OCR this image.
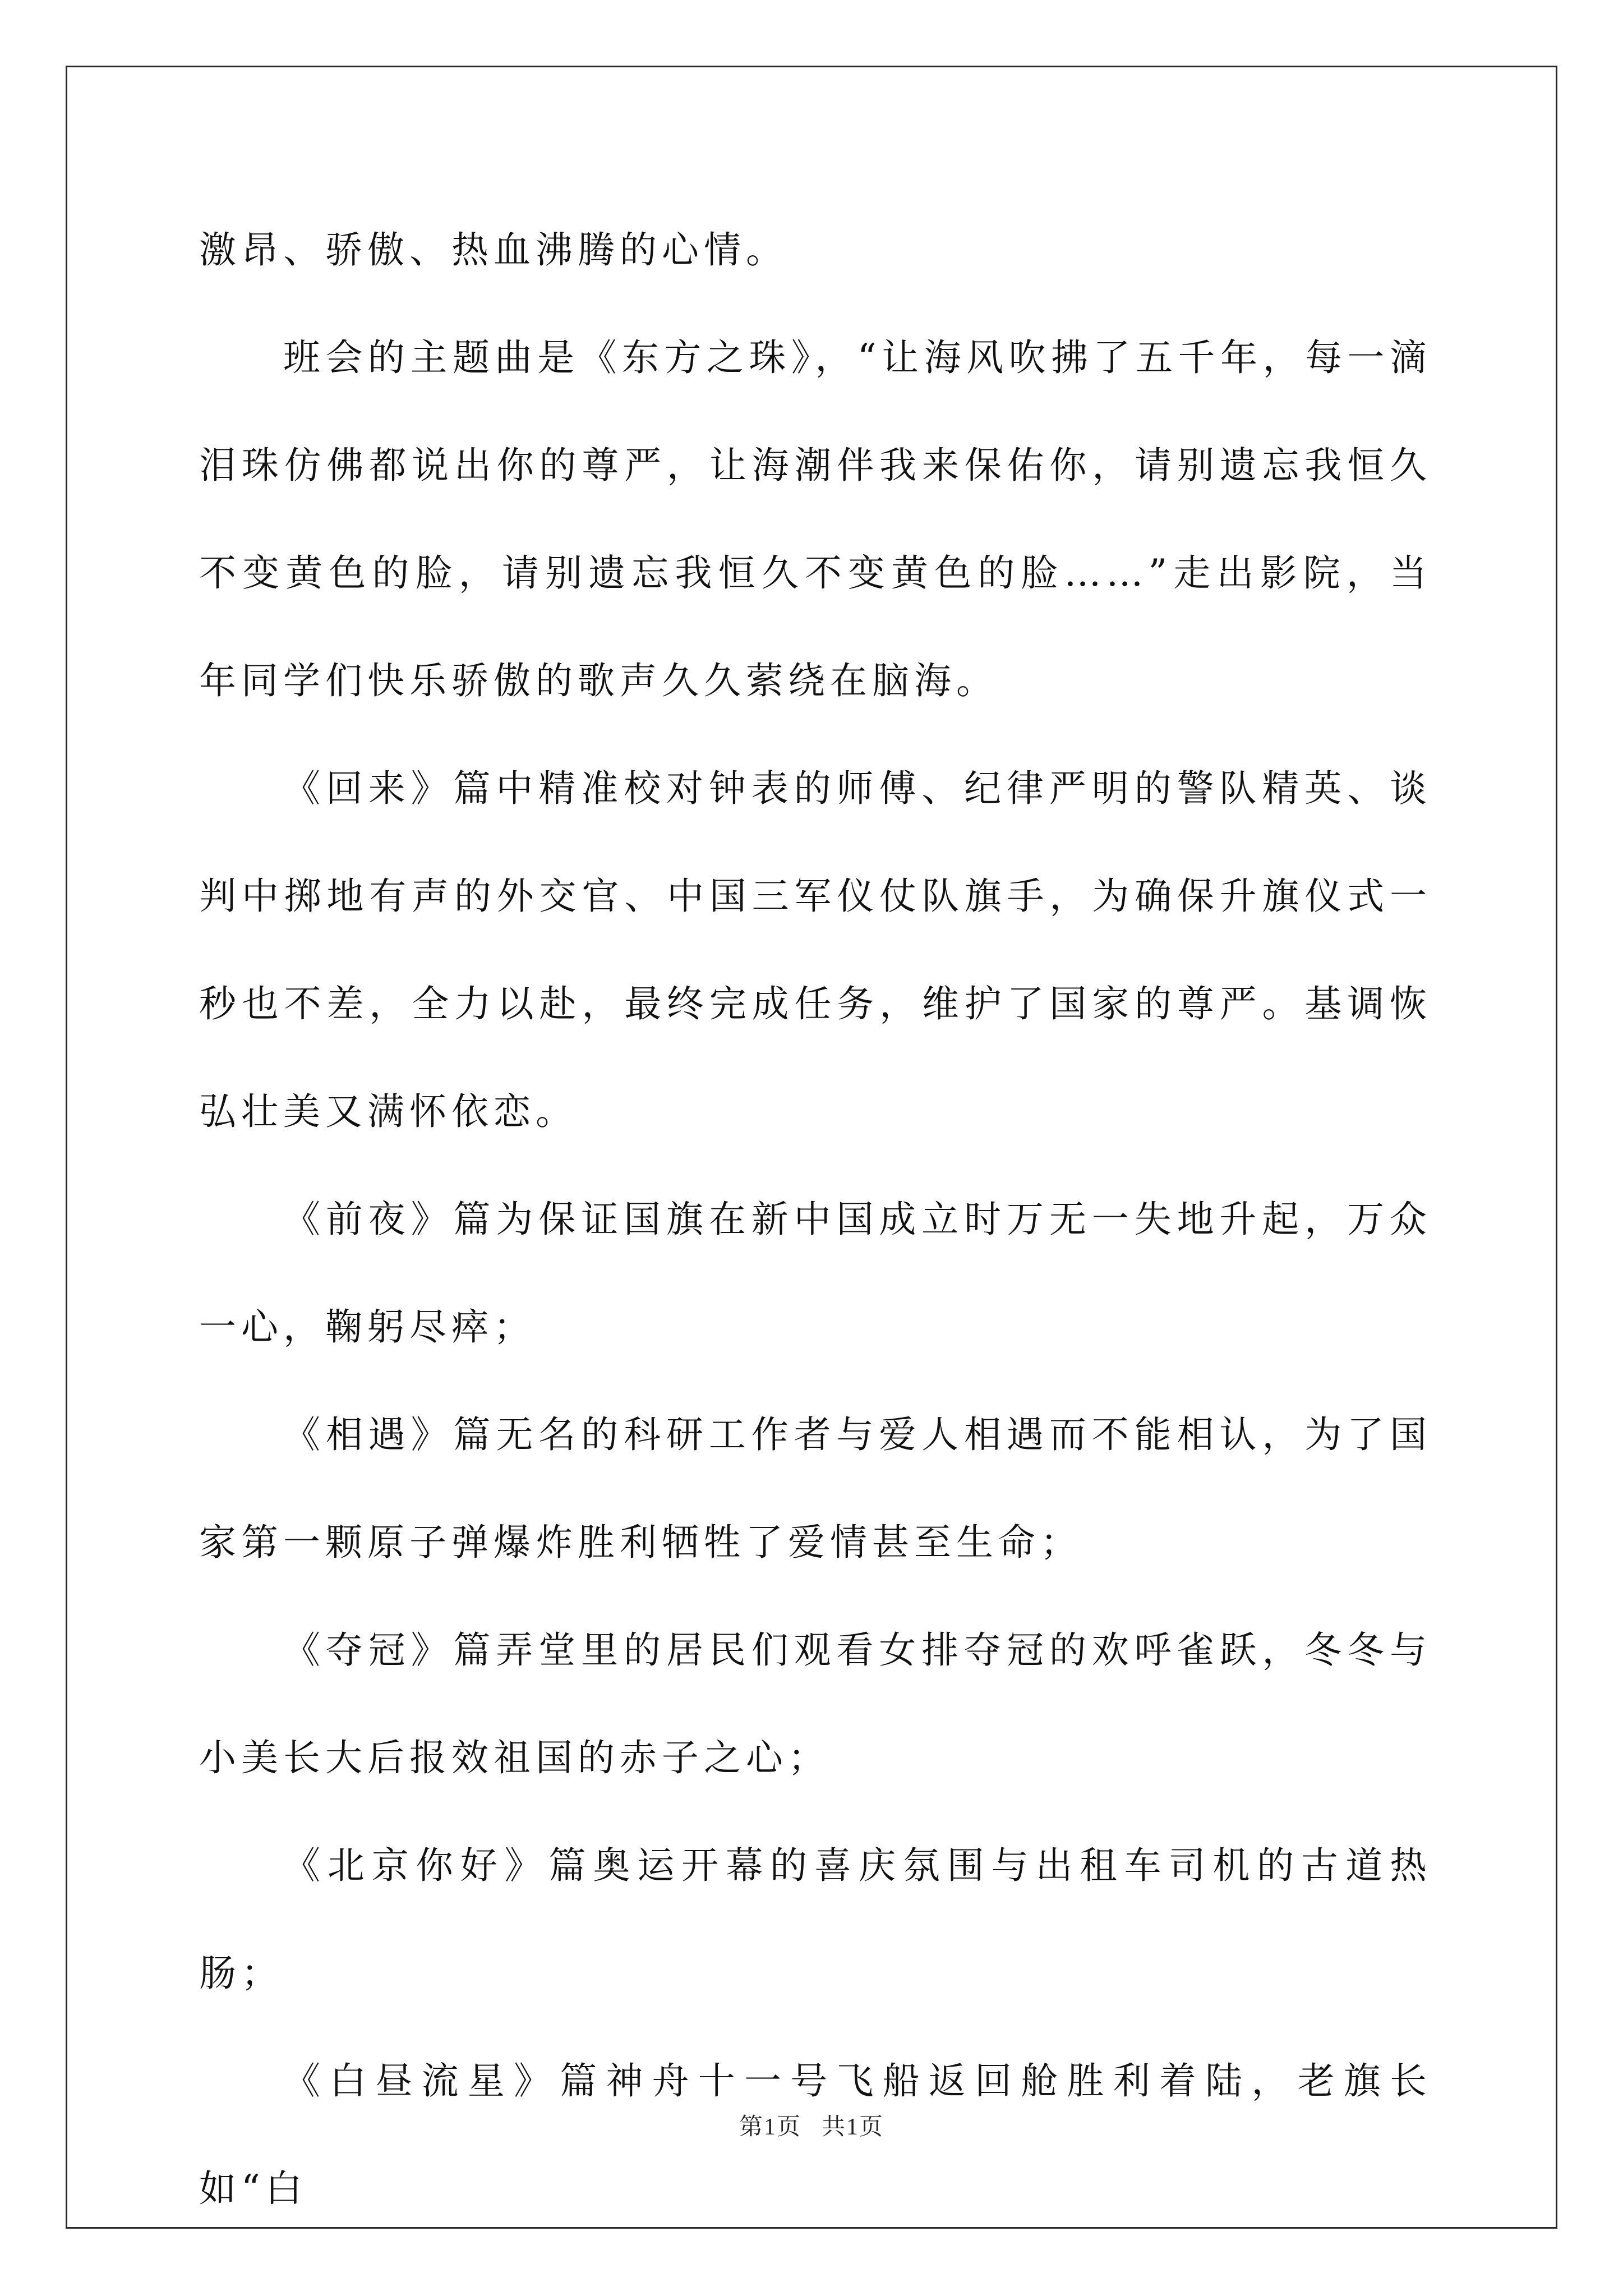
激昂、骄傲、热血沸腾的心情。

班会的主题曲是《东方之珠》，“让海风吹拂了五千年，每一滴泪珠仿佛都说出你的尊严，让海潮伴我来保佑你，请别遗忘我恒久不变黄色的脸，请别遗忘我恒久不变黄色的脸……”走出影院，当年同学们快乐骄傲的歌声久久萦绕在脑海。

《回来》篇中精准校对钟表的师傅、纪律严明的警队精英、谈判中掷地有声的外交官、中国三军仪仗队旗手，为确保升旗仪式一秒也不差，全力以赴，最终完成任务，维护了国家的尊严。基调恢弘壮美又满怀依恋。

《前夜》篇为保证国旗在新中国成立时万无一失地升起，万众一心，鞠躬尽瘁；

《相遇》篇无名的科研工作者与爱人相遇而不能相认，为了国家第一颗原子弹爆炸胜利牺牲了爱情甚至生命；

《夺冠》篇弄堂里的居民们观看女排夺冠的欢呼雀跃，冬冬与小美长大后报效祖国的赤子之心；

《北京你好》篇奥运开幕的喜庆氛围与出租车司机的古道热肠；

《白昼流星》篇神舟十一号飞船返回舱胜利着陆，老旗长如“白

第1页 共1页
